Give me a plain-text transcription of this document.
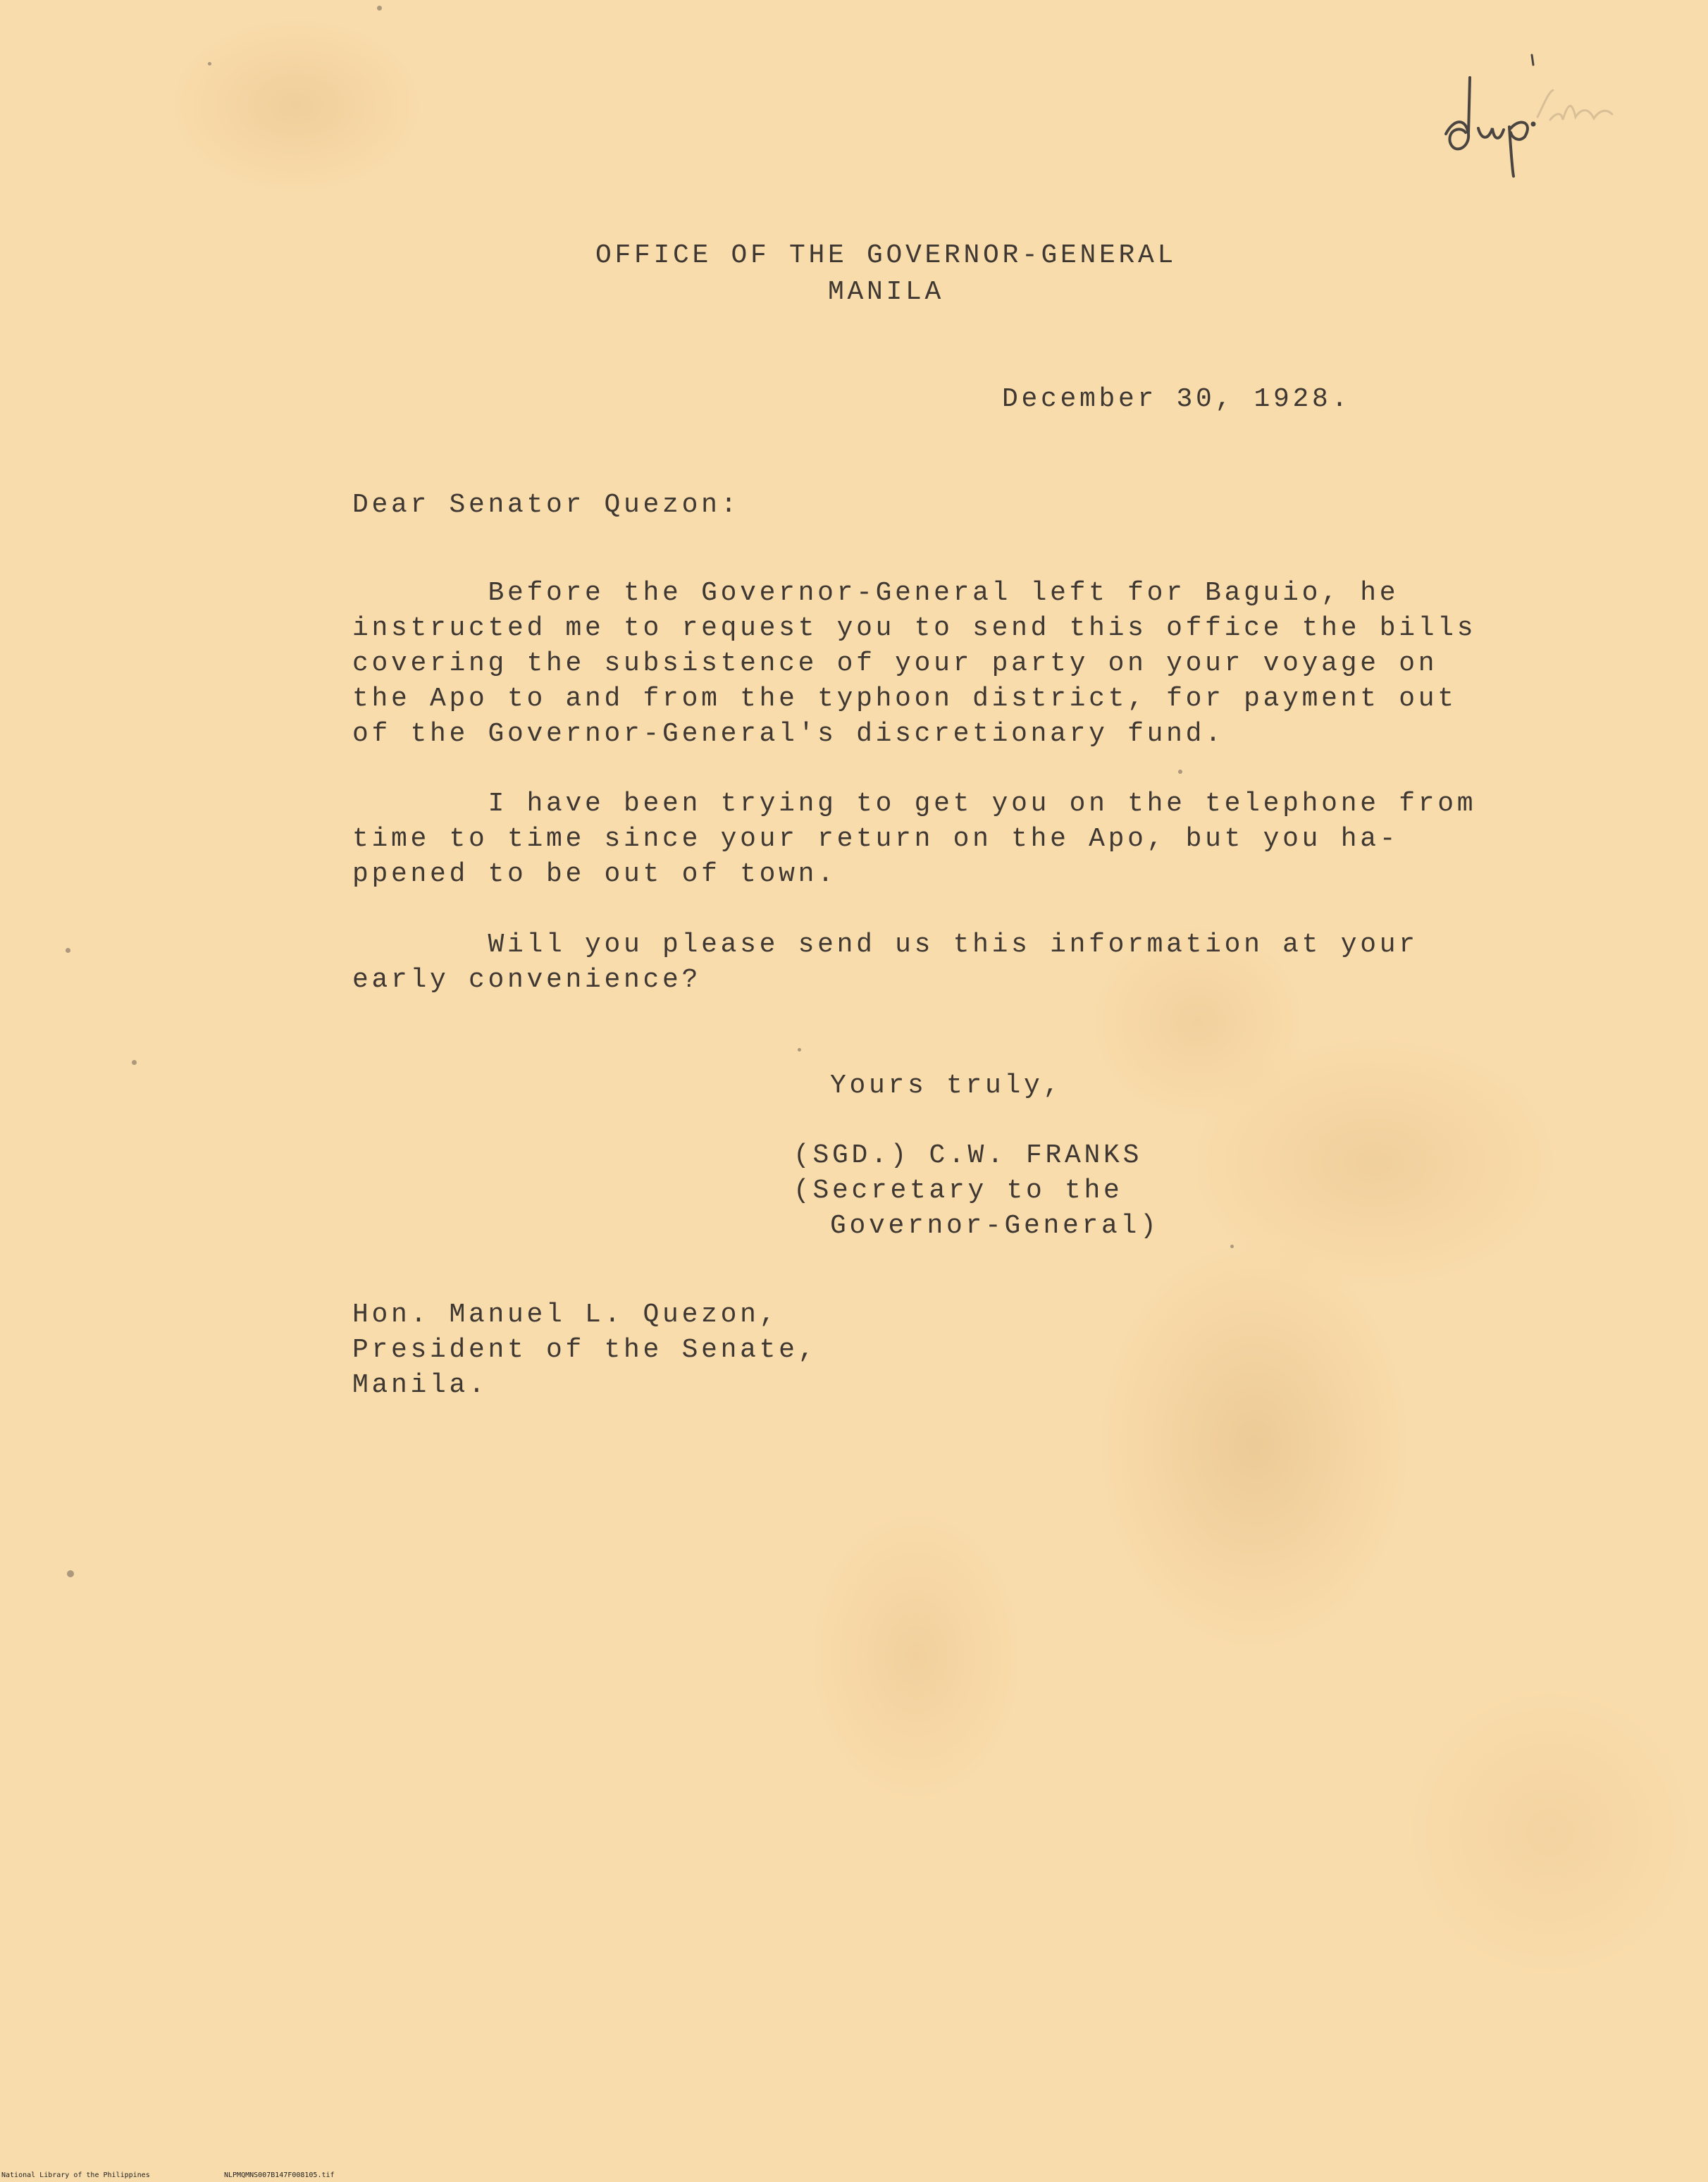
Dup. ate
OFFICE OF THE GOVERNOR-GENERAL
MANILA
December 30, 1928.
Dear Senator Quezon:
Before the Governor-General left for Baguio, he
instructed me to request you to send this office the bills
covering the subsistence of your party on your voyage on
the Apo to and from the typhoon district, for payment out
of the Governor-General's discretionary fund.
I have been trying to get you on the telephone from
time to time since your return on the Apo, but you ha-
ppened to be out of town.
Will you please send us this information at your
early convenience?
Yours truly,
(SGD.) C.W. FRANKS
(Secretary to the
Governor-General)
Hon. Manuel L. Quezon,
President of the Senate,
Manila.
National Library of the Philippines	NLPMQMNS007B147F008105.tif
